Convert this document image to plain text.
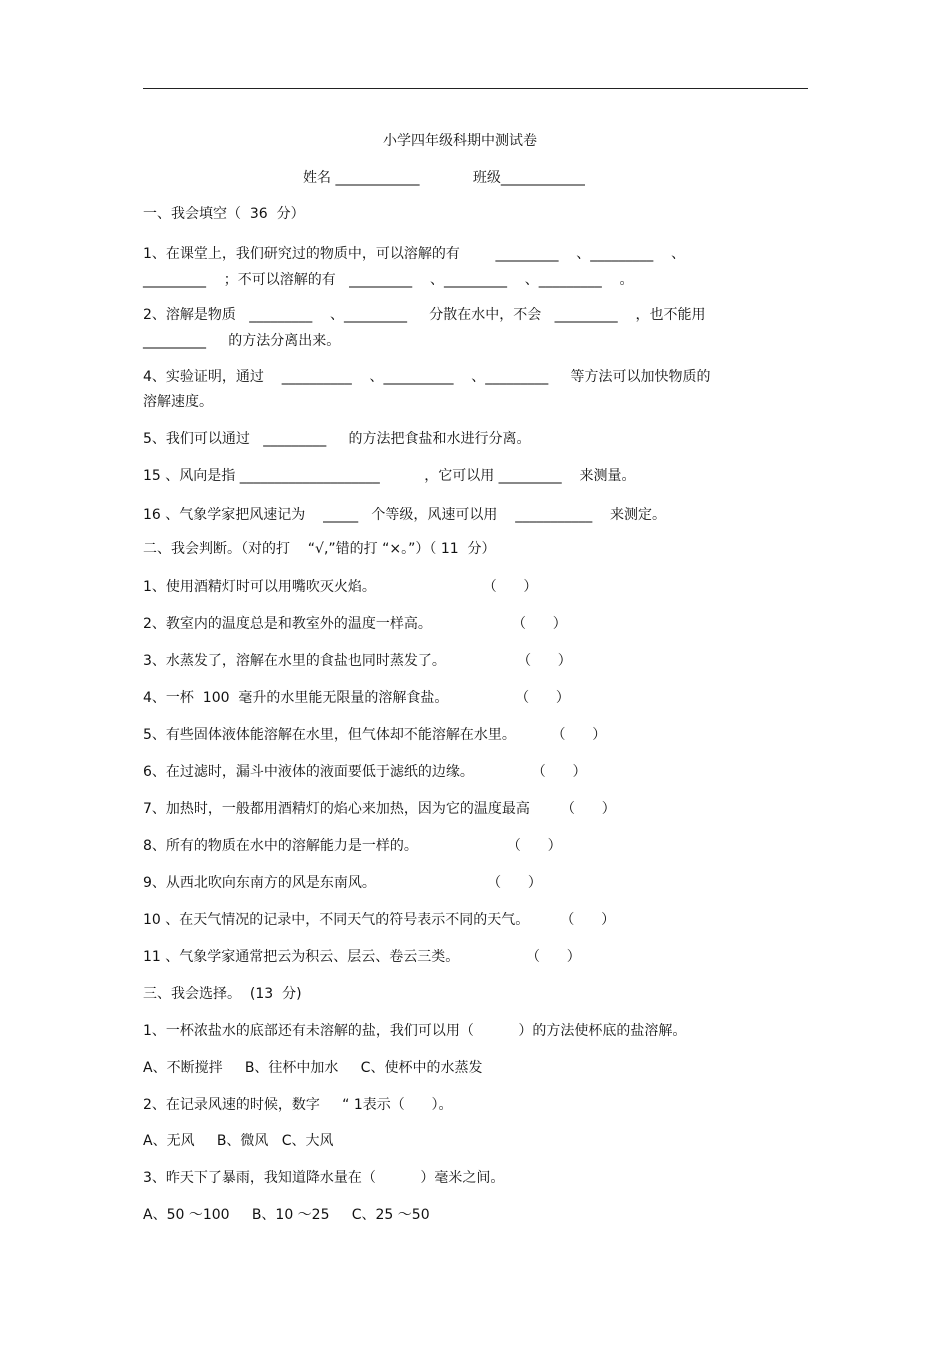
小学四年级科期中测试卷
姓名 ____________            班级____________
一、我会填空（  36  分）
1、在课堂上，我们研究过的物质中，可以溶解的有        _________    、_________    、
_________    ；不可以溶解的有   _________    、_________    、_________    。
2、溶解是物质   _________    、_________     分散在水中，不会   _________    ，也不能用
_________     的方法分离出来。
4、实验证明，通过    __________    、__________    、_________     等方法可以加快物质的
溶解速度。
5、我们可以通过   _________     的方法把食盐和水进行分离。
15 、风向是指 ____________________          ，它可以用 _________    来测量。
16 、气象学家把风速记为    _____   个等级，风速可以用    ___________    来测定。
二、我会判断。（对的打    “√,”错的打 “×。”）（ 11  分）
1、使用酒精灯时可以用嘴吹灭火焰。                        （      ）
2、教室内的温度总是和教室外的温度一样高。                  （      ）
3、水蒸发了，溶解在水里的食盐也同时蒸发了。                （      ）
4、一杯  100  毫升的水里能无限量的溶解食盐。               （      ）
5、有些固体液体能溶解在水里，但气体却不能溶解在水里。        （      ）
6、在过滤时，漏斗中液体的液面要低于滤纸的边缘。             （      ）
7、加热时，一般都用酒精灯的焰心来加热，因为它的温度最高       （      ）
8、所有的物质在水中的溶解能力是一样的。                    （      ）
9、从西北吹向东南方的风是东南风。                         （      ）
10 、在天气情况的记录中，不同天气的符号表示不同的天气。       （      ）
11 、气象学家通常把云为积云、层云、卷云三类。               （      ）
三、我会选择。  (13  分)
1、一杯浓盐水的底部还有未溶解的盐，我们可以用（          ）的方法使杯底的盐溶解。
A、不断搅拌     B、往杯中加水     C、使杯中的水蒸发
2、在记录风速的时候，数字     “ 1表示（      ）。
A、无风     B、微风   C、大风
3、昨天下了暴雨，我知道降水量在（          ）毫米之间。
A、50 ～100     B、10 ～25     C、25 ～50
